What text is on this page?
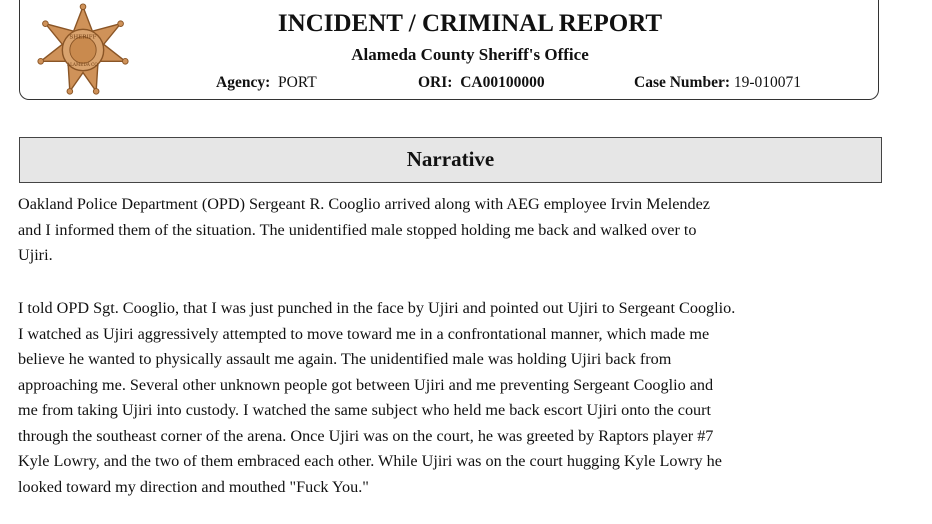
SHERIFF
ALAMEDA CO.
INCIDENT / CRIMINAL REPORT
Alameda County Sheriff's Office
Agency: PORT	ORI: CA00100000	Case Number: 19-010071
Narrative
Oakland Police Department (OPD) Sergeant R. Cooglio arrived along with AEG employee Irvin Melendez
and I informed them of the situation. The unidentified male stopped holding me back and walked over to
Ujiri.
I told OPD Sgt. Cooglio, that I was just punched in the face by Ujiri and pointed out Ujiri to Sergeant Cooglio.
I watched as Ujiri aggressively attempted to move toward me in a confrontational manner, which made me
believe he wanted to physically assault me again. The unidentified male was holding Ujiri back from
approaching me. Several other unknown people got between Ujiri and me preventing Sergeant Cooglio and
me from taking Ujiri into custody. I watched the same subject who held me back escort Ujiri onto the court
through the southeast corner of the arena. Once Ujiri was on the court, he was greeted by Raptors player #7
Kyle Lowry, and the two of them embraced each other. While Ujiri was on the court hugging Kyle Lowry he
looked toward my direction and mouthed "Fuck You."
